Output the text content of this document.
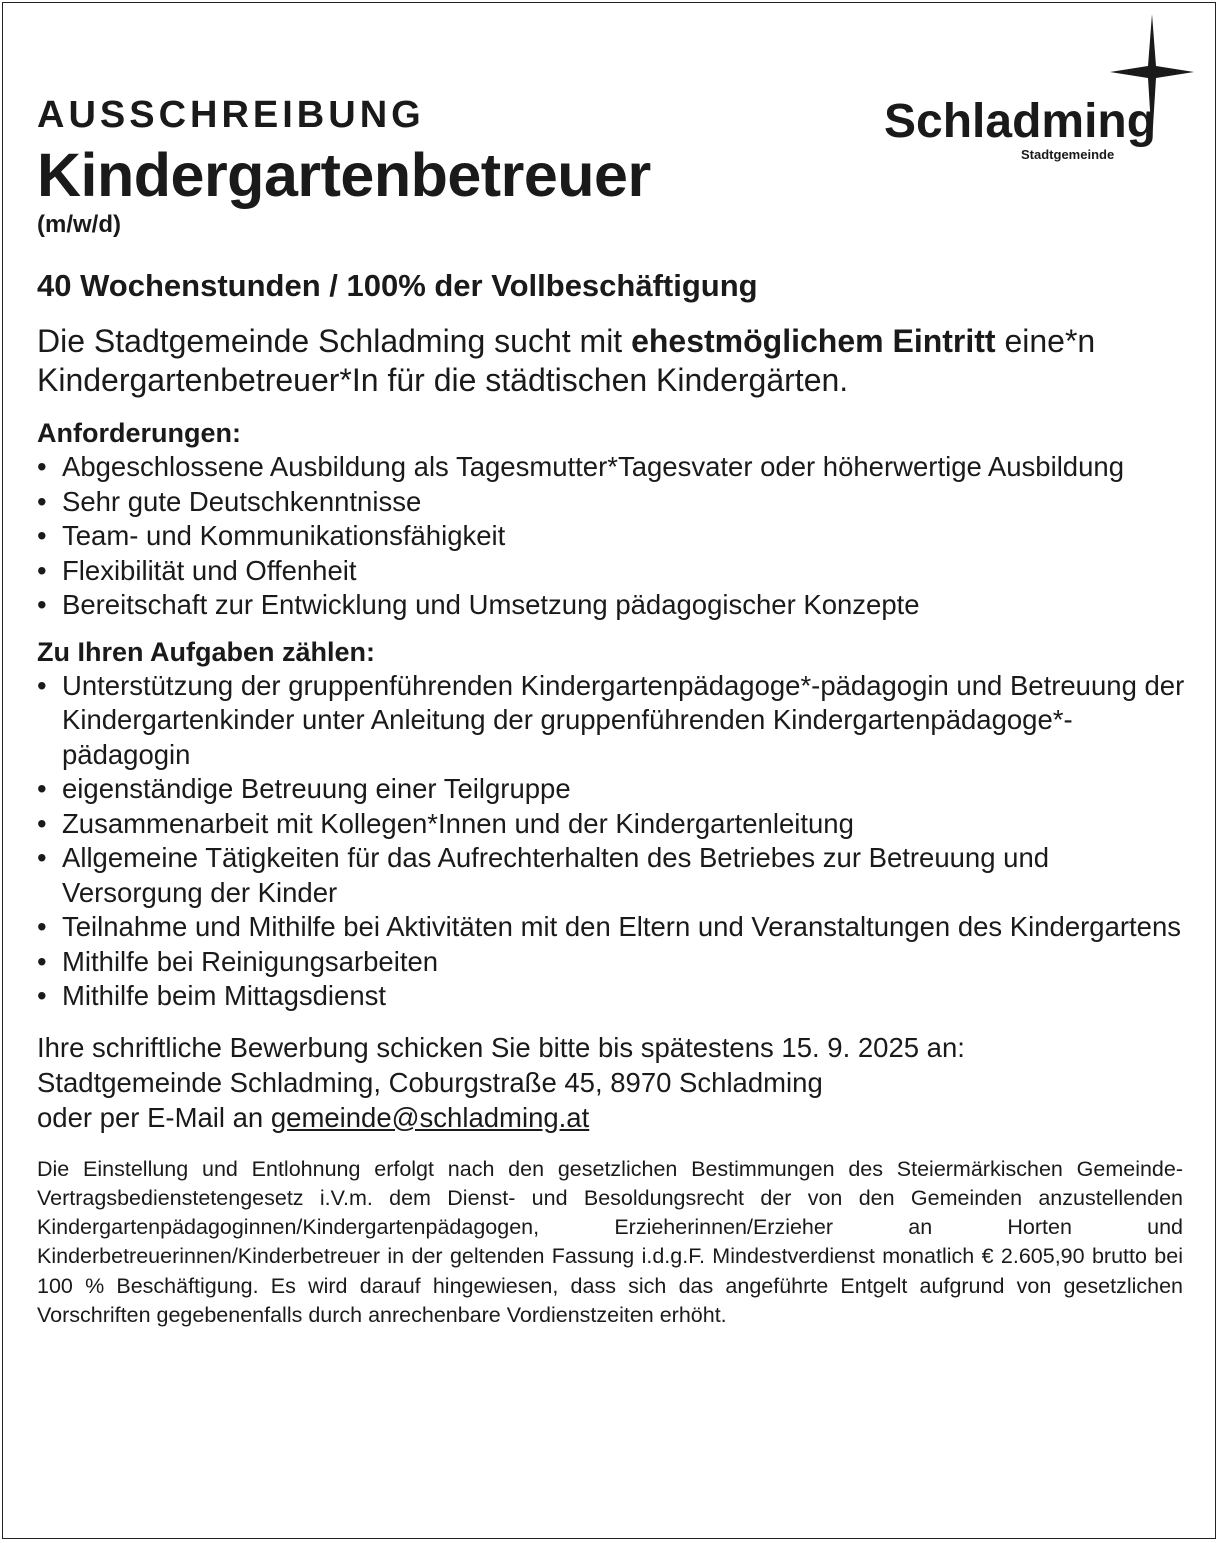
Schladming
Stadtgemeinde

AUSSCHREIBUNG

Kindergartenbetreuer

(m/w/d)

40 Wochenstunden / 100% der Vollbeschäftigung

Die Stadtgemeinde Schladming sucht mit ehestmöglichem Eintritt eine*n Kindergartenbetreuer*In für die städtischen Kindergärten.

Anforderungen:

• Abgeschlossene Ausbildung als Tagesmutter*Tagesvater oder höherwertige Ausbildung
• Sehr gute Deutschkenntnisse
• Team- und Kommunikationsfähigkeit
• Flexibilität und Offenheit
• Bereitschaft zur Entwicklung und Umsetzung pädagogischer Konzepte

Zu Ihren Aufgaben zählen:

• Unterstützung der gruppenführenden Kindergartenpädagoge*-pädagogin und Betreuung der Kindergartenkinder unter Anleitung der gruppenführenden Kindergartenpädagoge*- pädagogin
• eigenständige Betreuung einer Teilgruppe
• Zusammenarbeit mit Kollegen*Innen und der Kindergartenleitung
• Allgemeine Tätigkeiten für das Aufrechterhalten des Betriebes zur Betreuung und Versorgung der Kinder
• Teilnahme und Mithilfe bei Aktivitäten mit den Eltern und Veranstaltungen des Kindergartens
• Mithilfe bei Reinigungsarbeiten
• Mithilfe beim Mittagsdienst

Ihre schriftliche Bewerbung schicken Sie bitte bis spätestens 15. 9. 2025 an:
Stadtgemeinde Schladming, Coburgstraße 45, 8970 Schladming
oder per E-Mail an gemeinde@schladming.at

Die Einstellung und Entlohnung erfolgt nach den gesetzlichen Bestimmungen des Steiermärkischen Gemeinde-Vertragsbedienstetengesetz i.V.m. dem Dienst- und Besoldungsrecht der von den Gemeinden anzustellenden Kindergartenpädagoginnen/Kindergartenpädagogen, Erzieherinnen/Erzieher an Horten und Kinderbetreuerinnen/Kinderbetreuer in der geltenden Fassung i.d.g.F. Mindestverdienst monatlich € 2.605,90 brutto bei 100 % Beschäftigung. Es wird darauf hingewiesen, dass sich das angeführte Entgelt aufgrund von gesetzlichen Vorschriften gegebenenfalls durch anrechenbare Vordienstzeiten erhöht.
